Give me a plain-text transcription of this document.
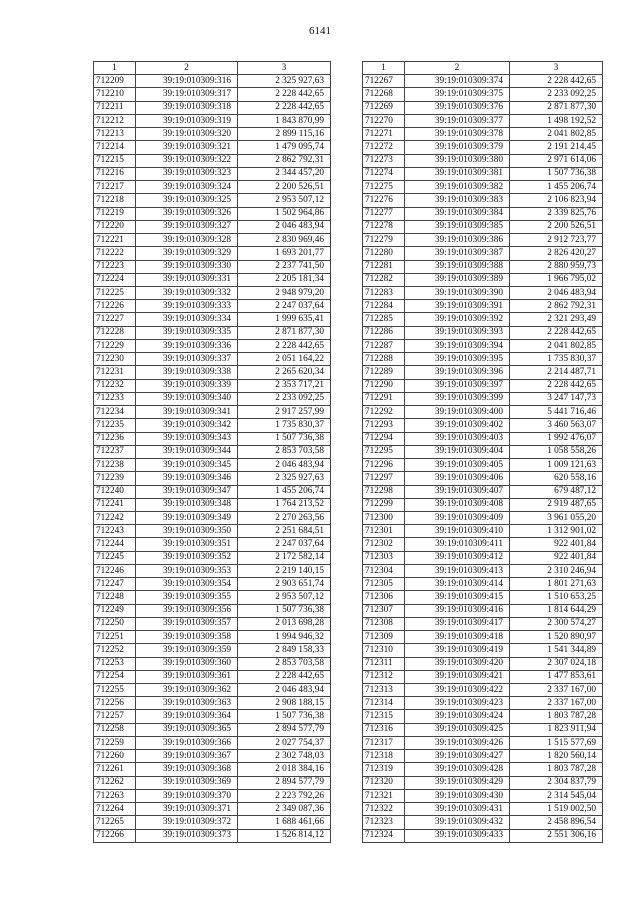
6141
1	2	3
712209	39:19:010309:316	2 325 927,63
712210	39:19:010309:317	2 228 442,65
712211	39:19:010309:318	2 228 442,65
712212	39:19:010309:319	1 843 870,99
712213	39:19:010309:320	2 899 115,16
712214	39:19:010309:321	1 479 095,74
712215	39:19:010309:322	2 862 792,31
712216	39:19:010309:323	2 344 457,20
712217	39:19:010309:324	2 200 526,51
712218	39:19:010309:325	2 953 507,12
712219	39:19:010309:326	1 502 964,86
712220	39:19:010309:327	2 046 483,94
712221	39:19:010309:328	2 830 969,46
712222	39:19:010309:329	1 693 201,77
712223	39:19:010309:330	2 237 741,50
712224	39:19:010309:331	2 205 181,34
712225	39:19:010309:332	2 948 979,20
712226	39:19:010309:333	2 247 037,64
712227	39:19:010309:334	1 999 635,41
712228	39:19:010309:335	2 871 877,30
712229	39:19:010309:336	2 228 442,65
712230	39:19:010309:337	2 051 164,22
712231	39:19:010309:338	2 265 620,34
712232	39:19:010309:339	2 353 717,21
712233	39:19:010309:340	2 233 092,25
712234	39:19:010309:341	2 917 257,99
712235	39:19:010309:342	1 735 830,37
712236	39:19:010309:343	1 507 736,38
712237	39:19:010309:344	2 853 703,58
712238	39:19:010309:345	2 046 483,94
712239	39:19:010309:346	2 325 927,63
712240	39:19:010309:347	1 455 206,74
712241	39:19:010309:348	1 764 213,52
712242	39:19:010309:349	2 270 263,56
712243	39:19:010309:350	2 251 684,51
712244	39:19:010309:351	2 247 037,64
712245	39:19:010309:352	2 172 582,14
712246	39:19:010309:353	2 219 140,15
712247	39:19:010309:354	2 903 651,74
712248	39:19:010309:355	2 953 507,12
712249	39:19:010309:356	1 507 736,38
712250	39:19:010309:357	2 013 698,28
712251	39:19:010309:358	1 994 946,32
712252	39:19:010309:359	2 849 158,33
712253	39:19:010309:360	2 853 703,58
712254	39:19:010309:361	2 228 442,65
712255	39:19:010309:362	2 046 483,94
712256	39:19:010309:363	2 908 188,15
712257	39:19:010309:364	1 507 736,38
712258	39:19:010309:365	2 894 577,79
712259	39:19:010309:366	2 027 754,37
712260	39:19:010309:367	2 302 748,03
712261	39:19:010309:368	2 018 384,16
712262	39:19:010309:369	2 894 577,79
712263	39:19:010309:370	2 223 792,26
712264	39:19:010309:371	2 349 087,36
712265	39:19:010309:372	1 688 461,66
712266	39:19:010309:373	1 526 814,12
1	2	3
712267	39:19:010309:374	2 228 442,65
712268	39:19:010309:375	2 233 092,25
712269	39:19:010309:376	2 871 877,30
712270	39:19:010309:377	1 498 192,52
712271	39:19:010309:378	2 041 802,85
712272	39:19:010309:379	2 191 214,45
712273	39:19:010309:380	2 971 614,06
712274	39:19:010309:381	1 507 736,38
712275	39:19:010309:382	1 455 206,74
712276	39:19:010309:383	2 106 823,94
712277	39:19:010309:384	2 339 825,76
712278	39:19:010309:385	2 200 526,51
712279	39:19:010309:386	2 912 723,77
712280	39:19:010309:387	2 826 420,27
712281	39:19:010309:388	2 880 959,73
712282	39:19:010309:389	1 966 795,02
712283	39:19:010309:390	2 046 483,94
712284	39:19:010309:391	2 862 792,31
712285	39:19:010309:392	2 321 293,49
712286	39:19:010309:393	2 228 442,65
712287	39:19:010309:394	2 041 802,85
712288	39:19:010309:395	1 735 830,37
712289	39:19:010309:396	2 214 487,71
712290	39:19:010309:397	2 228 442,65
712291	39:19:010309:399	3 247 147,73
712292	39:19:010309:400	5 441 716,46
712293	39:19:010309:402	3 460 563,07
712294	39:19:010309:403	1 992 476,07
712295	39:19:010309:404	1 058 558,26
712296	39:19:010309:405	1 009 121,63
712297	39:19:010309:406	620 558,16
712298	39:19:010309:407	679 487,12
712299	39:19:010309:408	2 919 487,65
712300	39:19:010309:409	3 961 055,20
712301	39:19:010309:410	1 312 901,02
712302	39:19:010309:411	922 401,84
712303	39:19:010309:412	922 401,84
712304	39:19:010309:413	2 310 246,94
712305	39:19:010309:414	1 801 271,63
712306	39:19:010309:415	1 510 653,25
712307	39:19:010309:416	1 814 644,29
712308	39:19:010309:417	2 300 574,27
712309	39:19:010309:418	1 520 890,97
712310	39:19:010309:419	1 541 344,89
712311	39:19:010309:420	2 307 024,18
712312	39:19:010309:421	1 477 853,61
712313	39:19:010309:422	2 337 167,00
712314	39:19:010309:423	2 337 167,00
712315	39:19:010309:424	1 803 787,28
712316	39:19:010309:425	1 823 911,94
712317	39:19:010309:426	1 515 577,69
712318	39:19:010309:427	1 820 560,14
712319	39:19:010309:428	1 803 787,28
712320	39:19:010309:429	2 304 837,79
712321	39:19:010309:430	2 314 545,04
712322	39:19:010309:431	1 519 002,50
712323	39:19:010309:432	2 458 896,54
712324	39:19:010309:433	2 551 306,16
